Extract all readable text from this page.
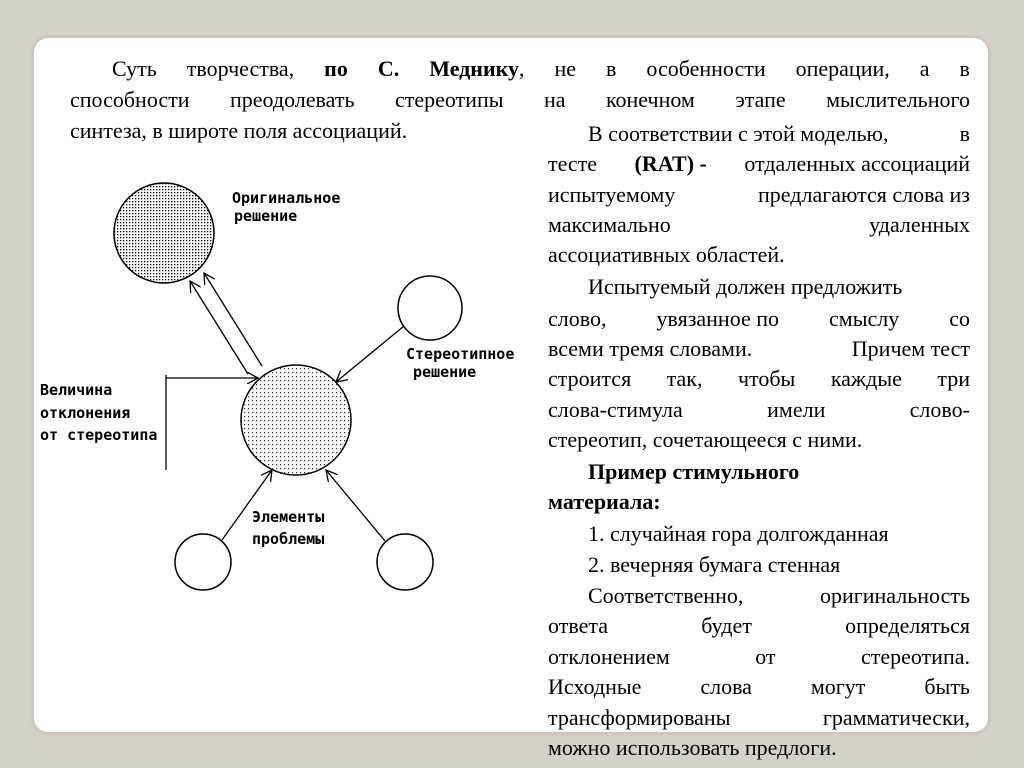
Суть творчества, по С. Меднику, не в особенности операции, а в
способности преодолевать стереотипы на конечном этапе мыслительного
синтеза, в широте поля ассоциаций.
Оригинальное
решение
Стереотипное
решение
Величина
отклонения
от стереотипа
Элементы
проблемы
В соответствии с этой моделью,	в
тесте (RAT) - отдаленных ассоциаций
испытуемому	предлагаются слова из
максимально	удаленных
ассоциативных областей.
Испытуемый должен предложить
слово, увязанное по смыслу со
всеми тремя словами.	Причем тест
строится так, чтобы каждые три
слова-стимула	имели	слово-
стереотип, сочетающееся с ними.
Пример стимульного
материала:
1. случайная гора долгожданная
2. вечерняя бумага стенная
Соответственно,	оригинальность
ответа	будет	определяться
отклонением	от	стереотипа.
Исходные	слова	могут	быть
трансформированы	грамматически,
можно использовать предлоги.
